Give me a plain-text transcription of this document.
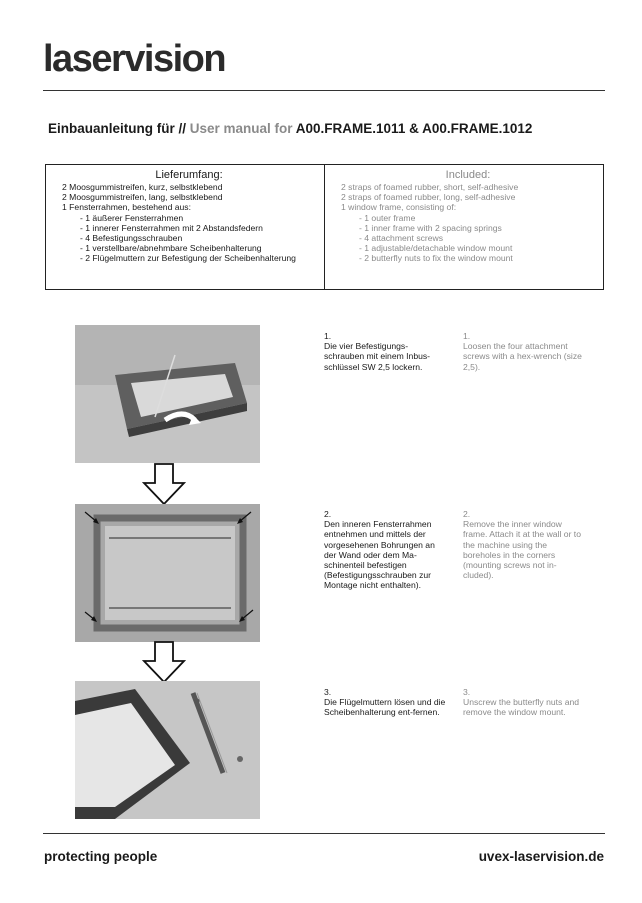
laservision
Einbauanleitung für // User manual for A00.FRAME.1011 & A00.FRAME.1012
Lieferumfang:
2 Moosgummistreifen, kurz, selbstklebend
2 Moosgummistreifen, lang, selbstklebend
1 Fensterrahmen, bestehend aus:
- 1 äußerer Fensterrahmen
- 1 innerer Fensterrahmen mit 2 Abstandsfedern
- 4 Befestigungsschrauben
- 1 verstellbare/abnehmbare Scheibenhalterung
- 2 Flügelmuttern zur Befestigung der Scheibenhalterung
Included:
2 straps of foamed rubber, short, self-adhesive
2 straps of foamed rubber, long, self-adhesive
1 window frame, consisting of:
- 1 outer frame
- 1 inner frame with 2 spacing springs
- 4 attachment screws
- 1 adjustable/detachable window mount
- 2 butterfly nuts to fix the window mount
1.
Die vier Befestigungs-schrauben mit einem Inbus-schlüssel SW 2,5 lockern.
1.
Loosen the four attachment screws with a hex-wrench (size 2,5).
2.
Den inneren Fensterrahmen entnehmen und mittels der vorgesehenen Bohrungen an der Wand oder dem Ma-schinenteil befestigen (Befestigungsschrauben zur Montage nicht enthalten).
2.
Remove the inner window frame. Attach it at the wall or to the machine using the boreholes in the corners (mounting screws not in-cluded).
3.
Die Flügelmuttern lösen und die Scheibenhalterung ent-fernen.
3.
Unscrew the butterfly nuts and remove the window mount.
protecting people	uvex-laservision.de
